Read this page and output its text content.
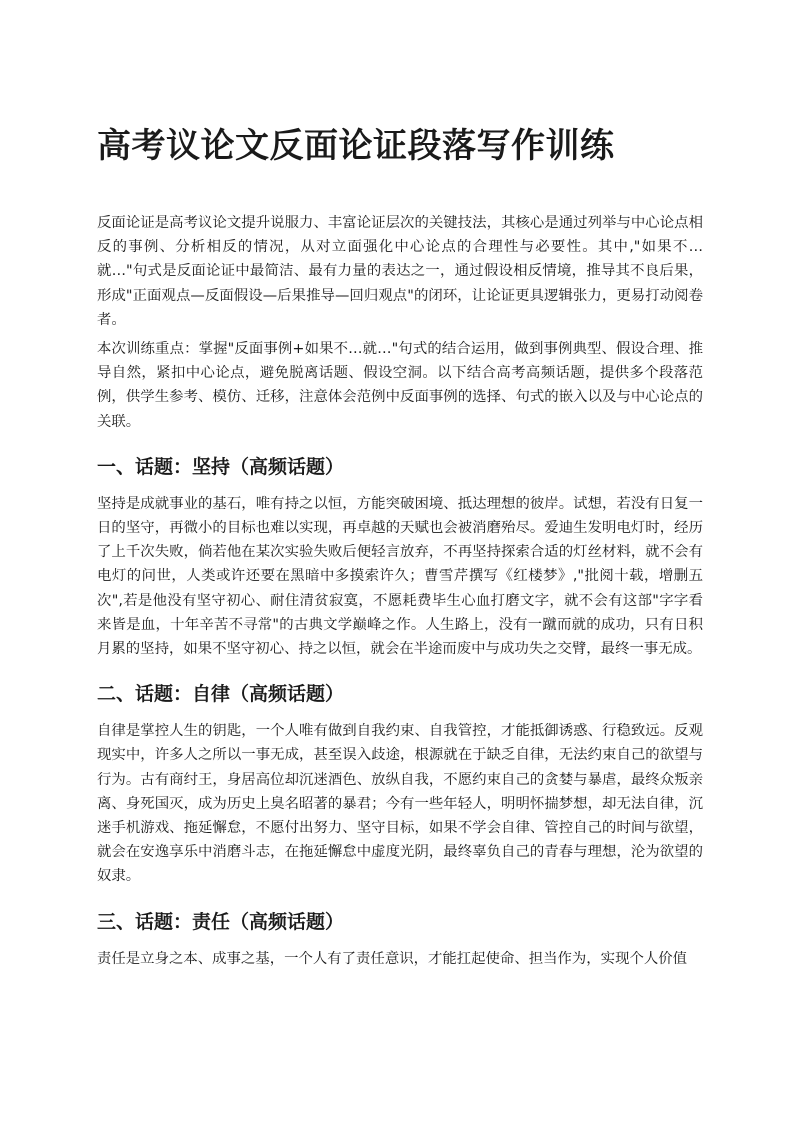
高考议论文反面论证段落写作训练

反面论证是高考议论文提升说服力、丰富论证层次的关键技法，其核心是通过列举与中心论点相反的事例、分析相反的情况，从对立面强化中心论点的合理性与必要性。其中,"如果不…就…"句式是反面论证中最简洁、最有力量的表达之一，通过假设相反情境，推导其不良后果，形成"正面观点—反面假设—后果推导—回归观点"的闭环，让论证更具逻辑张力，更易打动阅卷者。

本次训练重点：掌握"反面事例+如果不…就…"句式的结合运用，做到事例典型、假设合理、推导自然，紧扣中心论点，避免脱离话题、假设空洞。以下结合高考高频话题，提供多个段落范例，供学生参考、模仿、迁移，注意体会范例中反面事例的选择、句式的嵌入以及与中心论点的关联。

一、话题：坚持（高频话题）

坚持是成就事业的基石，唯有持之以恒，方能突破困境、抵达理想的彼岸。试想，若没有日复一日的坚守，再微小的目标也难以实现，再卓越的天赋也会被消磨殆尽。爱迪生发明电灯时，经历了上千次失败，倘若他在某次实验失败后便轻言放弃，不再坚持探索合适的灯丝材料，就不会有电灯的问世，人类或许还要在黑暗中多摸索许久；曹雪芹撰写《红楼梦》,"批阅十载，增删五次",若是他没有坚守初心、耐住清贫寂寞，不愿耗费毕生心血打磨文字，就不会有这部"字字看来皆是血，十年辛苦不寻常"的古典文学巅峰之作。人生路上，没有一蹴而就的成功，只有日积月累的坚持，如果不坚守初心、持之以恒，就会在半途而废中与成功失之交臂，最终一事无成。

二、话题：自律（高频话题）

自律是掌控人生的钥匙，一个人唯有做到自我约束、自我管控，才能抵御诱惑、行稳致远。反观现实中，许多人之所以一事无成，甚至误入歧途，根源就在于缺乏自律，无法约束自己的欲望与行为。古有商纣王，身居高位却沉迷酒色、放纵自我，不愿约束自己的贪婪与暴虐，最终众叛亲离、身死国灭，成为历史上臭名昭著的暴君；今有一些年轻人，明明怀揣梦想，却无法自律，沉迷手机游戏、拖延懈怠，不愿付出努力、坚守目标，如果不学会自律、管控自己的时间与欲望，就会在安逸享乐中消磨斗志，在拖延懈怠中虚度光阴，最终辜负自己的青春与理想，沦为欲望的奴隶。

三、话题：责任（高频话题）

责任是立身之本、成事之基，一个人有了责任意识，才能扛起使命、担当作为，实现个人价值
